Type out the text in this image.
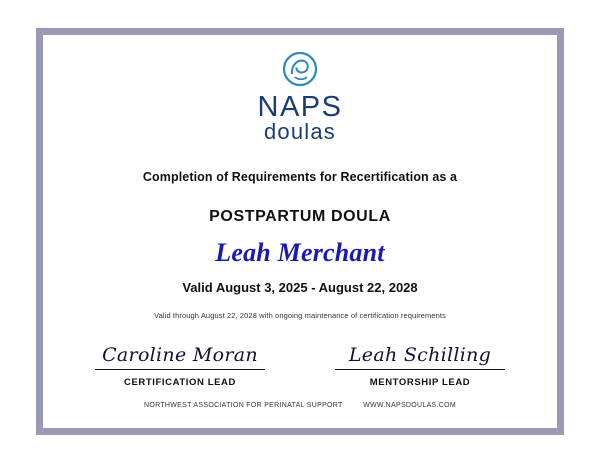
NAPS
doulas
Completion of Requirements for Recertification as a
POSTPARTUM DOULA
Leah Merchant
Valid August 3, 2025 - August 22, 2028
Valid through August 22, 2028 with ongoing maintenance of certification requirements
Caroline Moran
CERTIFICATION LEAD
Leah Schilling
MENTORSHIP LEAD
NORTHWEST ASSOCIATION FOR PERINATAL SUPPORT	WWW.NAPSDOULAS.COM
